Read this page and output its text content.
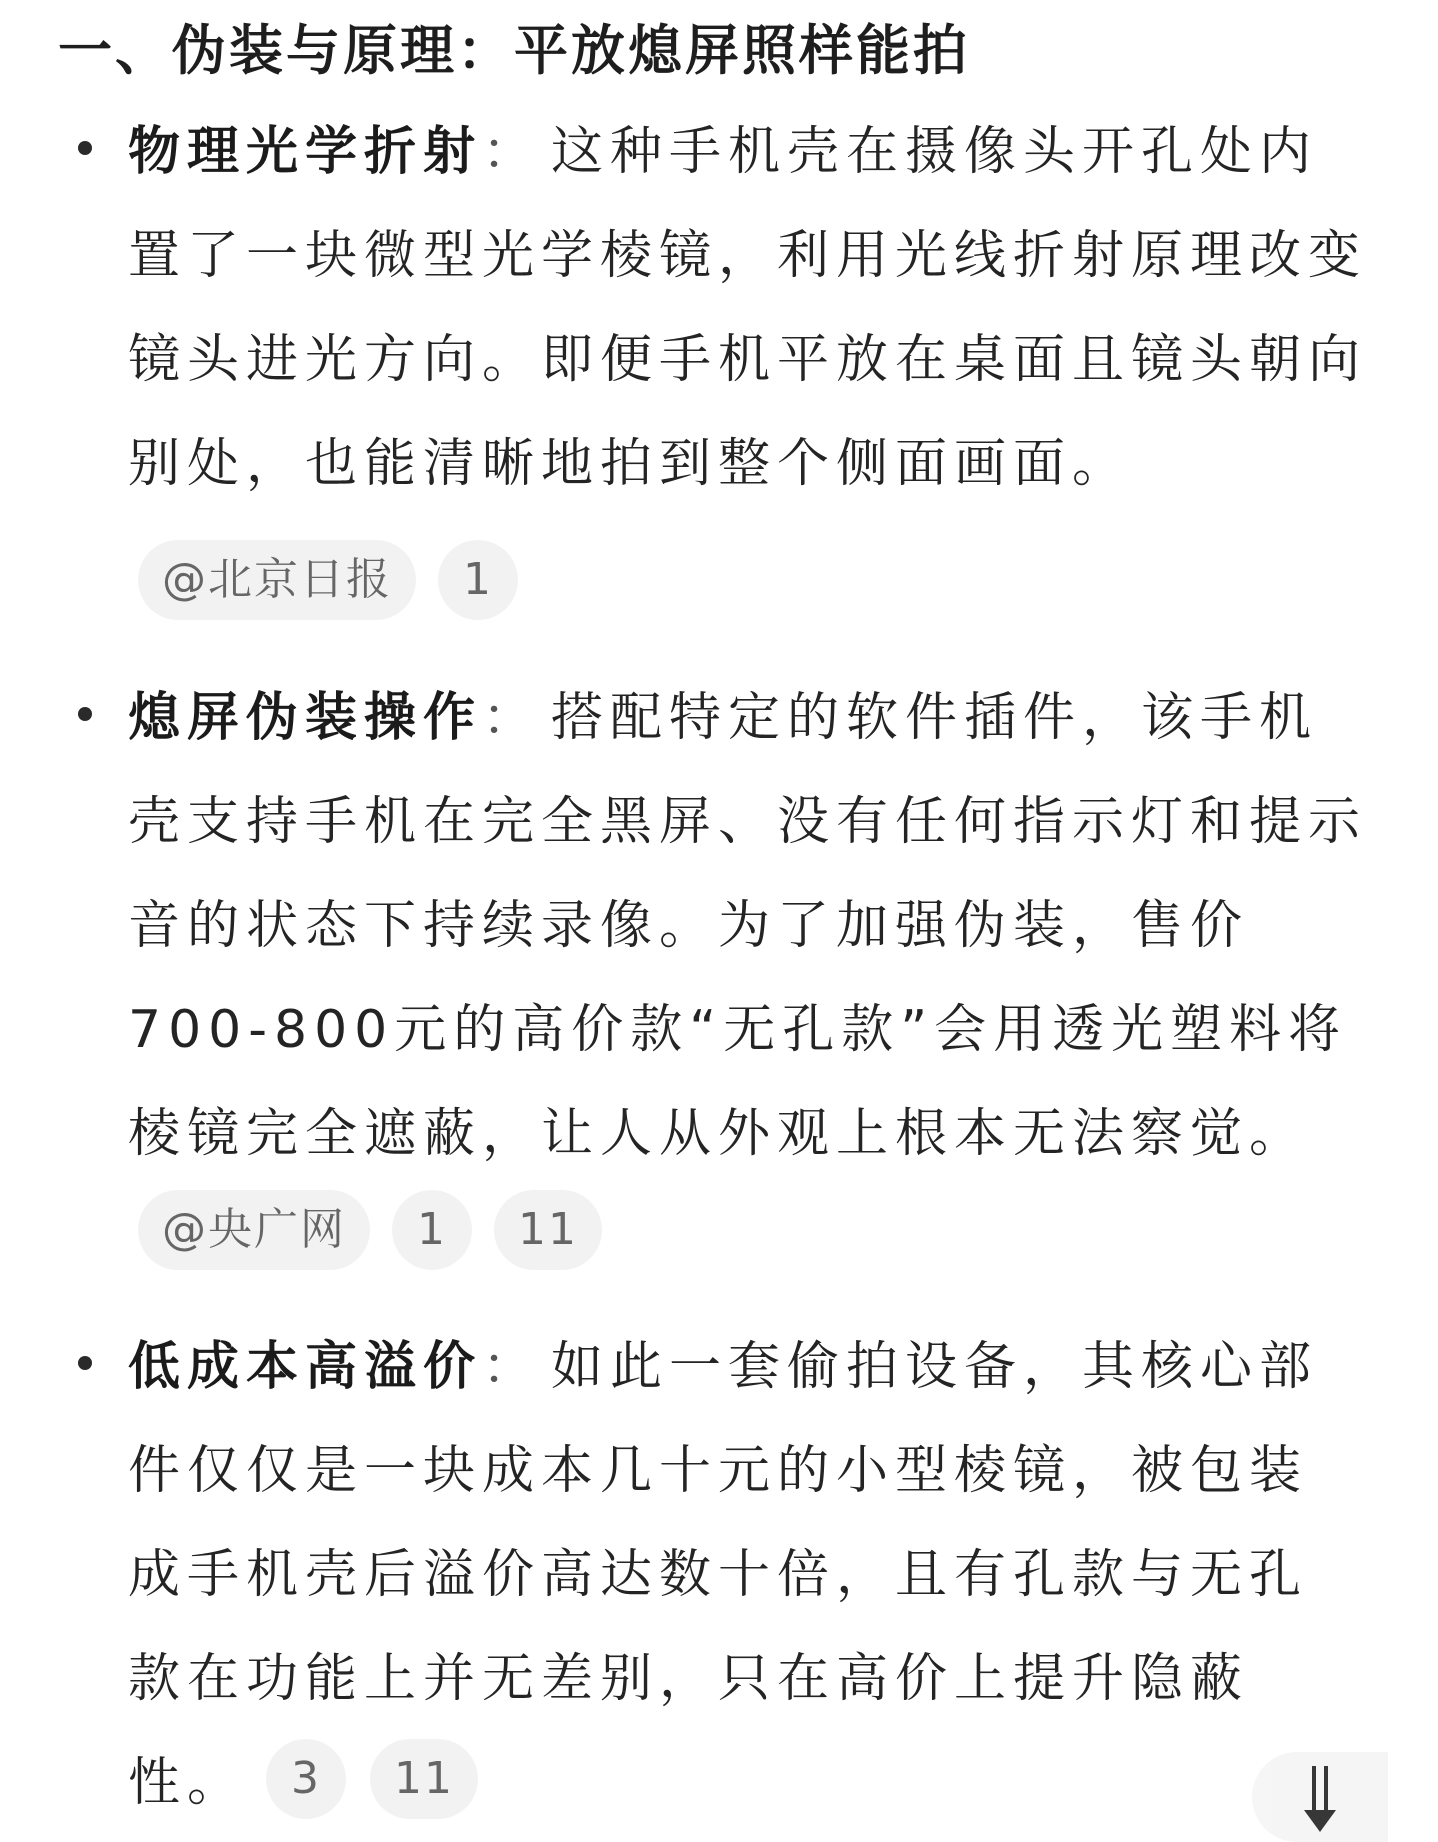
一、伪装与原理：平放熄屏照样能拍

物理光学折射： 这种手机壳在摄像头开孔处内置了一块微型光学棱镜，利用光线折射原理改变镜头进光方向。即便手机平放在桌面且镜头朝向别处，也能清晰地拍到整个侧面画面。

@北京日报	1

熄屏伪装操作： 搭配特定的软件插件，该手机壳支持手机在完全黑屏、没有任何指示灯和提示音的状态下持续录像。为了加强伪装，售价700-800元的高价款“无孔款”会用透光塑料将棱镜完全遮蔽，让人从外观上根本无法察觉。

@央广网	1	11

低成本高溢价： 如此一套偷拍设备，其核心部件仅仅是一块成本几十元的小型棱镜，被包装成手机壳后溢价高达数十倍，且有孔款与无孔款在功能上并无差别，只在高价上提升隐蔽性。	3	11
